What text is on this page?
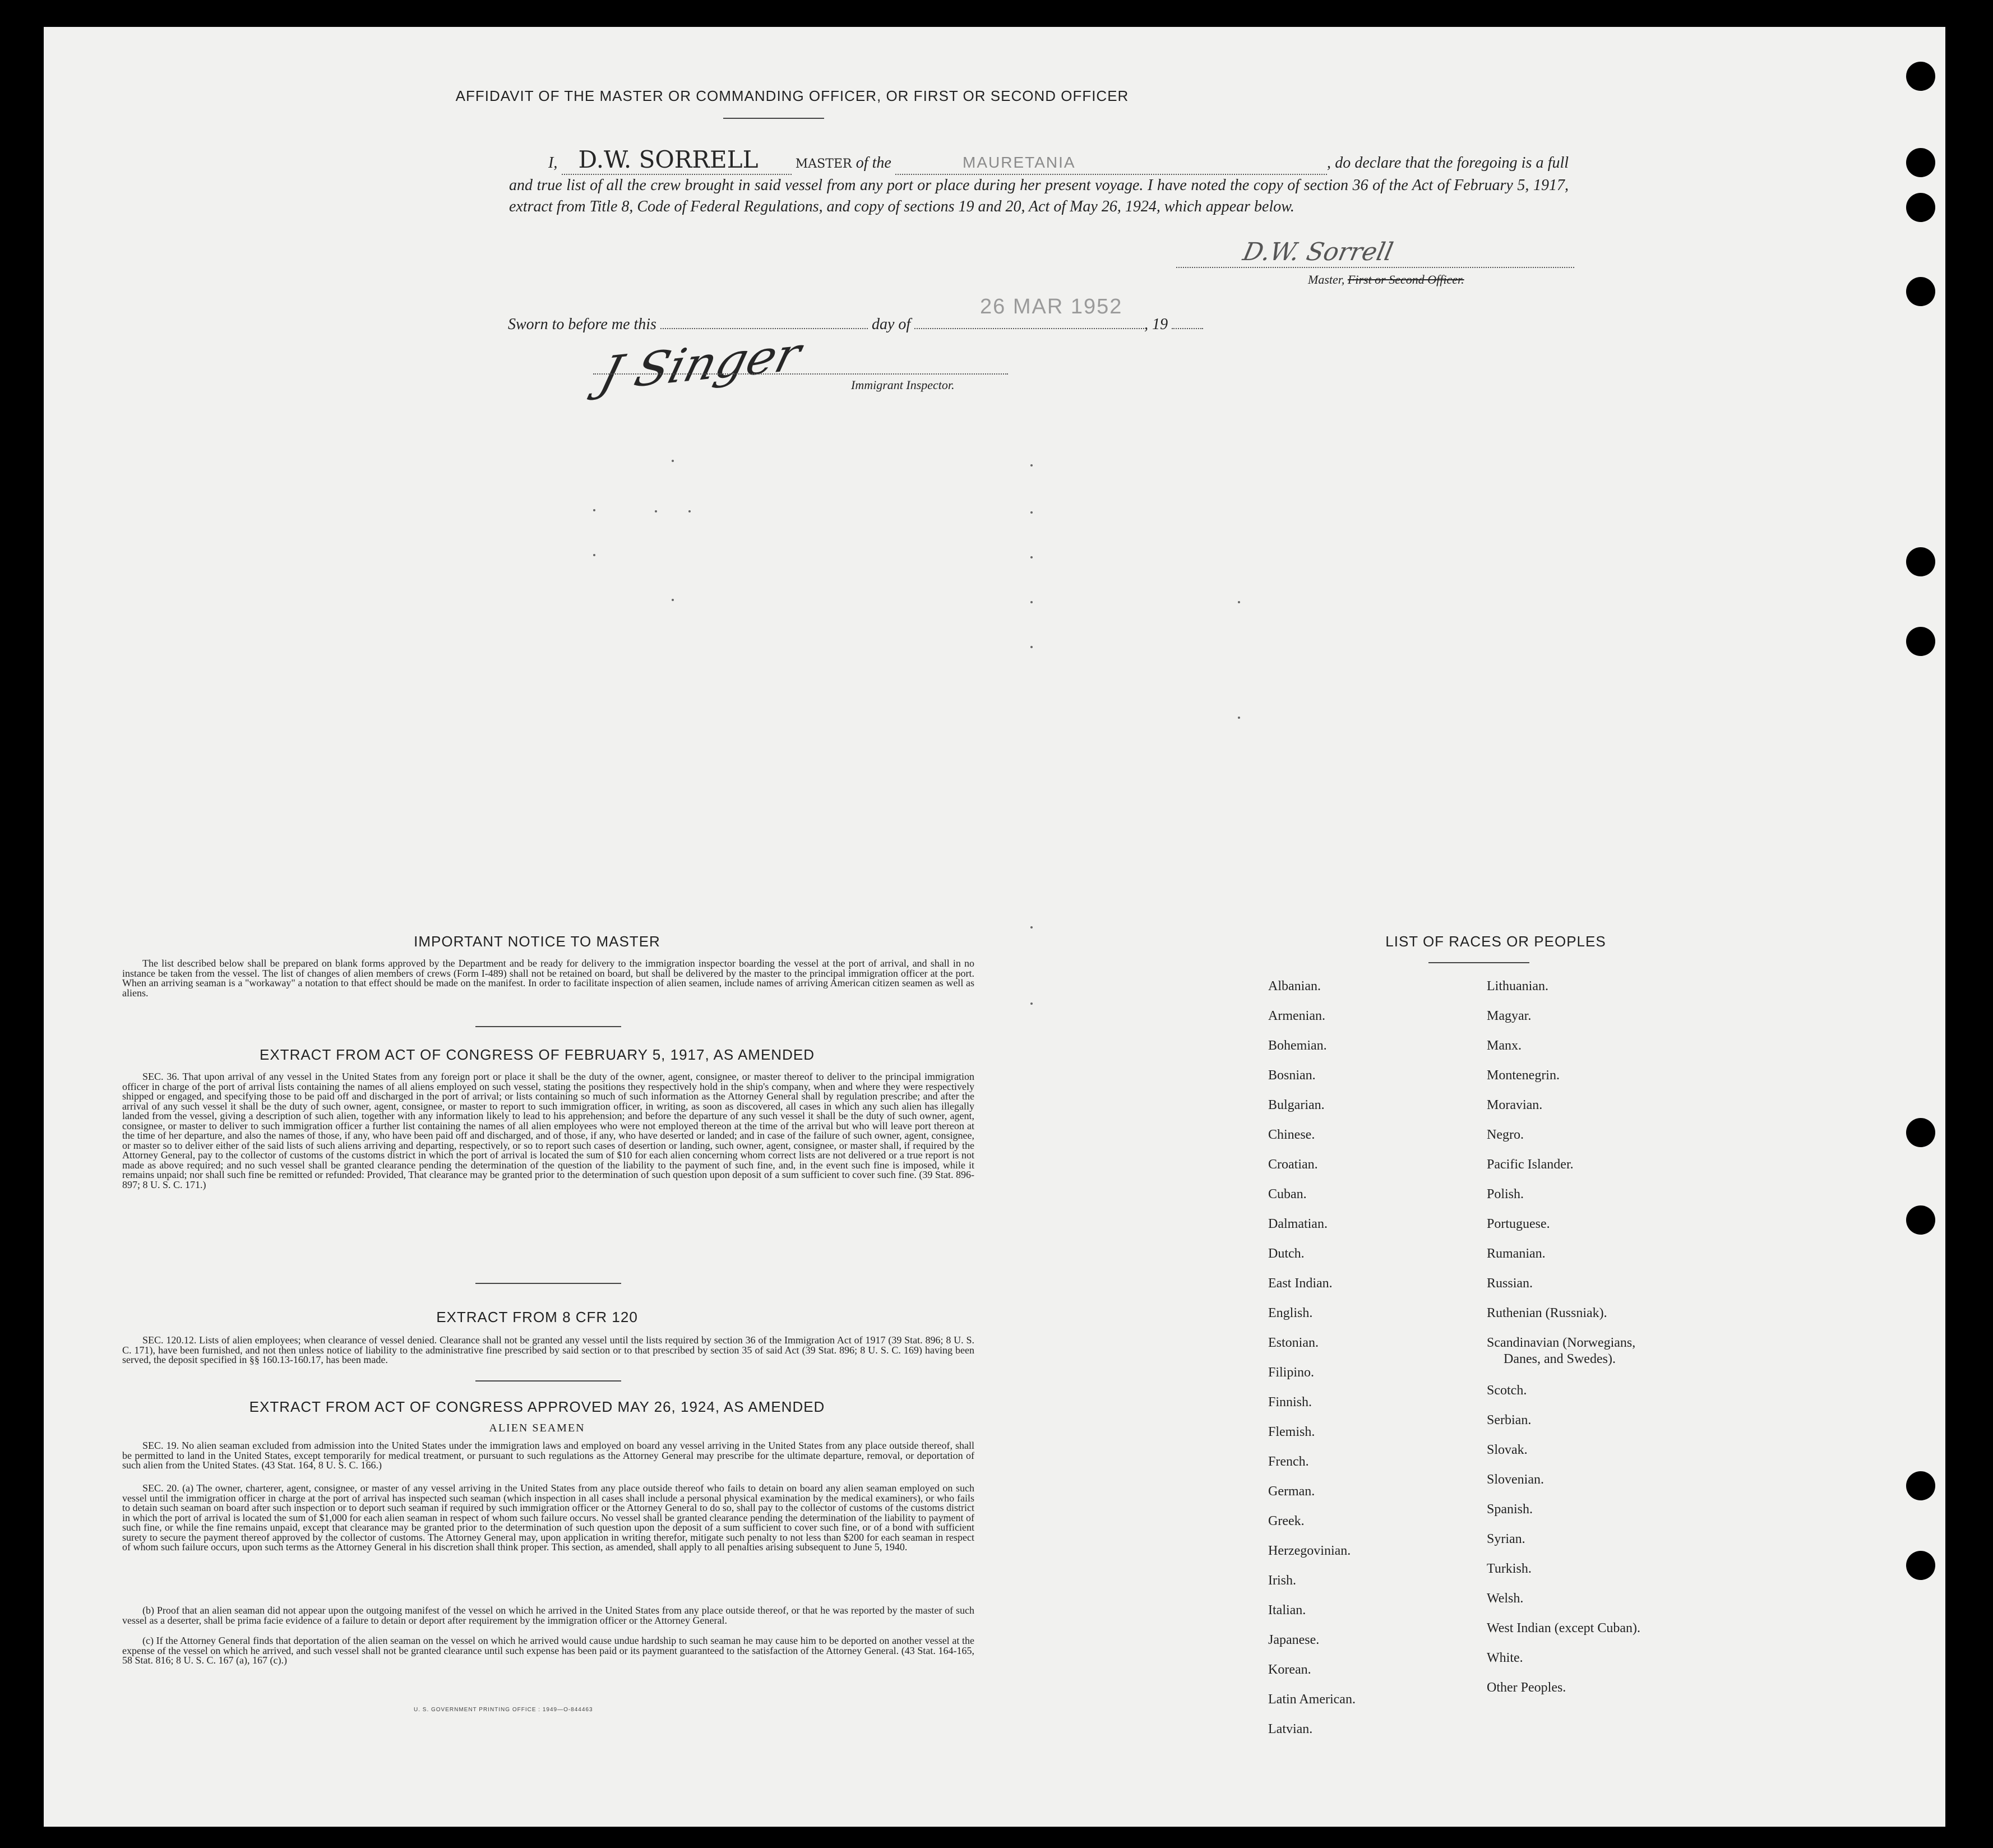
AFFIDAVIT OF THE MASTER OR COMMANDING OFFICER, OR FIRST OR SECOND OFFICER
I, D.W. SORRELL	MASTER of the	MAURETANIA	, do declare that the foregoing is a full and true list of all the crew brought in said vessel from any port or place during her present voyage. I have noted the copy of section 36 of the Act of February 5, 1917, extract from Title 8, Code of Federal Regulations, and copy of sections 19 and 20, Act of May 26, 1924, which appear below.
D.W. Sorrell
Master, First or Second Officer.
Sworn to before me this	day of	, 19
26 MAR 1952
J Singer	Immigrant Inspector.
IMPORTANT NOTICE TO MASTER
The list described below shall be prepared on blank forms approved by the Department and be ready for delivery to the immigration inspector boarding the vessel at the port of arrival, and shall in no instance be taken from the vessel. The list of changes of alien members of crews (Form I-489) shall not be retained on board, but shall be delivered by the master to the principal immigration officer at the port. When an arriving seaman is a "workaway" a notation to that effect should be made on the manifest. In order to facilitate inspection of alien seamen, include names of arriving American citizen seamen as well as aliens.
EXTRACT FROM ACT OF CONGRESS OF FEBRUARY 5, 1917, AS AMENDED
SEC. 36. That upon arrival of any vessel in the United States from any foreign port or place it shall be the duty of the owner, agent, consignee, or master thereof to deliver to the principal immigration officer in charge of the port of arrival lists containing the names of all aliens employed on such vessel, stating the positions they respectively hold in the ship's company, when and where they were respectively shipped or engaged, and specifying those to be paid off and discharged in the port of arrival; or lists containing so much of such information as the Attorney General shall by regulation prescribe; and after the arrival of any such vessel it shall be the duty of such owner, agent, consignee, or master to report to such immigration officer, in writing, as soon as discovered, all cases in which any such alien has illegally landed from the vessel, giving a description of such alien, together with any information likely to lead to his apprehension; and before the departure of any such vessel it shall be the duty of such owner, agent, consignee, or master to deliver to such immigration officer a further list containing the names of all alien employees who were not employed thereon at the time of the arrival but who will leave port thereon at the time of her departure, and also the names of those, if any, who have been paid off and discharged, and of those, if any, who have deserted or landed; and in case of the failure of such owner, agent, consignee, or master so to deliver either of the said lists of such aliens arriving and departing, respectively, or so to report such cases of desertion or landing, such owner, agent, consignee, or master shall, if required by the Attorney General, pay to the collector of customs of the customs district in which the port of arrival is located the sum of $10 for each alien concerning whom correct lists are not delivered or a true report is not made as above required; and no such vessel shall be granted clearance pending the determination of the question of the liability to the payment of such fine, and, in the event such fine is imposed, while it remains unpaid; nor shall such fine be remitted or refunded: Provided, That clearance may be granted prior to the determination of such question upon deposit of a sum sufficient to cover such fine. (39 Stat. 896-897; 8 U. S. C. 171.)
EXTRACT FROM 8 CFR 120
SEC. 120.12. Lists of alien employees; when clearance of vessel denied. Clearance shall not be granted any vessel until the lists required by section 36 of the Immigration Act of 1917 (39 Stat. 896; 8 U. S. C. 171), have been furnished, and not then unless notice of liability to the administrative fine prescribed by said section or to that prescribed by section 35 of said Act (39 Stat. 896; 8 U. S. C. 169) having been served, the deposit specified in §§ 160.13-160.17, has been made.
EXTRACT FROM ACT OF CONGRESS APPROVED MAY 26, 1924, AS AMENDED
ALIEN SEAMEN
SEC. 19. No alien seaman excluded from admission into the United States under the immigration laws and employed on board any vessel arriving in the United States from any place outside thereof, shall be permitted to land in the United States, except temporarily for medical treatment, or pursuant to such regulations as the Attorney General may prescribe for the ultimate departure, removal, or deportation of such alien from the United States. (43 Stat. 164, 8 U. S. C. 166.)
SEC. 20. (a) The owner, charterer, agent, consignee, or master of any vessel arriving in the United States from any place outside thereof who fails to detain on board any alien seaman employed on such vessel until the immigration officer in charge at the port of arrival has inspected such seaman (which inspection in all cases shall include a personal physical examination by the medical examiners), or who fails to detain such seaman on board after such inspection or to deport such seaman if required by such immigration officer or the Attorney General to do so, shall pay to the collector of customs of the customs district in which the port of arrival is located the sum of $1,000 for each alien seaman in respect of whom such failure occurs. No vessel shall be granted clearance pending the determination of the liability to payment of such fine, or while the fine remains unpaid, except that clearance may be granted prior to the determination of such question upon the deposit of a sum sufficient to cover such fine, or of a bond with sufficient surety to secure the payment thereof approved by the collector of customs. The Attorney General may, upon application in writing therefor, mitigate such penalty to not less than $200 for each seaman in respect of whom such failure occurs, upon such terms as the Attorney General in his discretion shall think proper. This section, as amended, shall apply to all penalties arising subsequent to June 5, 1940.
(b) Proof that an alien seaman did not appear upon the outgoing manifest of the vessel on which he arrived in the United States from any place outside thereof, or that he was reported by the master of such vessel as a deserter, shall be prima facie evidence of a failure to detain or deport after requirement by the immigration officer or the Attorney General.
(c) If the Attorney General finds that deportation of the alien seaman on the vessel on which he arrived would cause undue hardship to such seaman he may cause him to be deported on another vessel at the expense of the vessel on which he arrived, and such vessel shall not be granted clearance until such expense has been paid or its payment guaranteed to the satisfaction of the Attorney General. (43 Stat. 164-165, 58 Stat. 816; 8 U. S. C. 167 (a), 167 (c).)
U. S. GOVERNMENT PRINTING OFFICE : 1949—O-844463
LIST OF RACES OR PEOPLES
Albanian.
Armenian.
Bohemian.
Bosnian.
Bulgarian.
Chinese.
Croatian.
Cuban.
Dalmatian.
Dutch.
East Indian.
English.
Estonian.
Filipino.
Finnish.
Flemish.
French.
German.
Greek.
Herzegovinian.
Irish.
Italian.
Japanese.
Korean.
Latin American.
Latvian.
Lithuanian.
Magyar.
Manx.
Montenegrin.
Moravian.
Negro.
Pacific Islander.
Polish.
Portuguese.
Rumanian.
Russian.
Ruthenian (Russniak).
Scandinavian (Norwegians,
Danes, and Swedes).
Scotch.
Serbian.
Slovak.
Slovenian.
Spanish.
Syrian.
Turkish.
Welsh.
West Indian (except Cuban).
White.
Other Peoples.
